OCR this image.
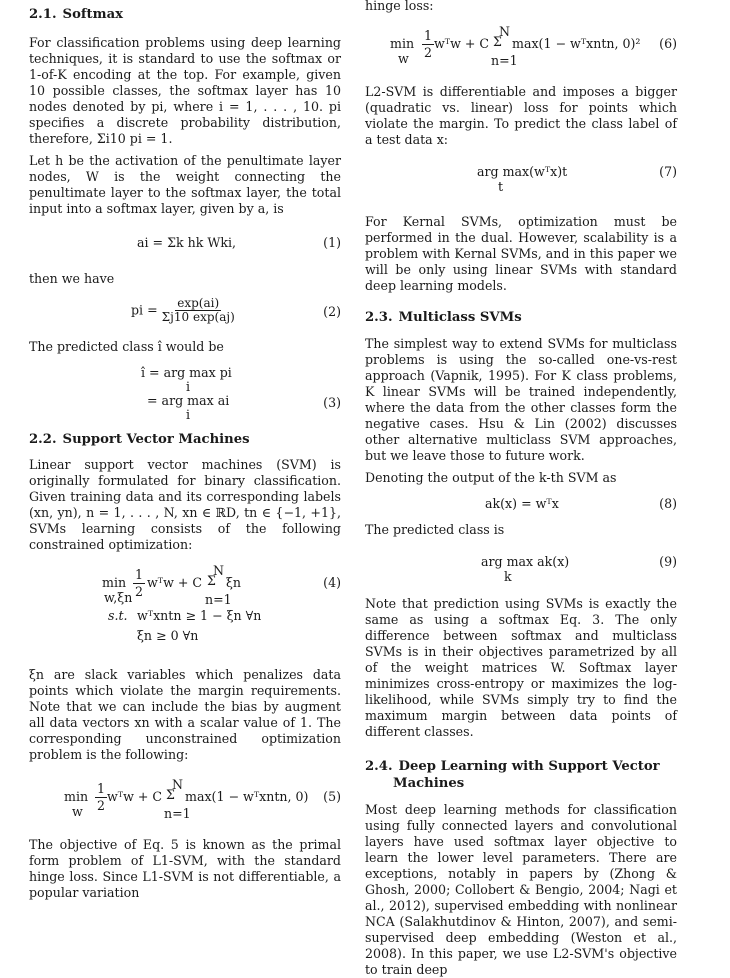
2.1. Softmax

For classification problems using deep learning techniques, it is standard to use the softmax or 1-of-K encoding at the top. For example, given 10 possible classes, the softmax layer has 10 nodes denoted by pi, where i = 1, . . . , 10. pi specifies a discrete probability distribution, therefore, Σi10 pi = 1.

Let h be the activation of the penultimate layer nodes, W is the weight connecting the penultimate layer to the softmax layer, the total input into a softmax layer, given by a, is

ai = Σk hk Wki,	(1)

then we have

pi = $\frac{\exp(ai)}{\Sigma j10 \exp(aj)}$	(2)

The predicted class î would be

î = arg max pi
i
= arg max ai
i
(3)
2.2. Support Vector Machines

Linear support vector machines (SVM) is originally formulated for binary classification. Given training data and its corresponding labels (xn, yn), n = 1, . . . , N, xn ∈ ℝD, tn ∈ {−1, +1}, SVMs learning consists of the following constrained optimization:

min
$w,\xi n \frac{1}{2}$ wᵀw + C
N
Σ
n=1
ξn	(4)
s.t. wᵀxntn ≥ 1 − ξn ∀n
ξn ≥ 0 ∀n

ξn are slack variables which penalizes data points which violate the margin requirements. Note that we can include the bias by augment all data vectors xn with a scalar value of 1. The corresponding unconstrained optimization problem is the following:

min
w $\frac{1}{2}$ wᵀw + C
N
Σ
n=1
max(1 − wᵀxntn, 0) (5)

The objective of Eq. 5 is known as the primal form problem of L1-SVM, with the standard hinge loss. Since L1-SVM is not differentiable, a popular variation

hinge loss:

min
w $\frac{1}{2}$ wᵀw + C
N
Σ
n=1
max(1 − wᵀxntn, 0)² (6)

L2-SVM is differentiable and imposes a bigger (quadratic vs. linear) loss for points which violate the margin. To predict the class label of a test data x:

arg max(wᵀx)t
t
(7)

For Kernal SVMs, optimization must be performed in the dual. However, scalability is a problem with Kernal SVMs, and in this paper we will be only using linear SVMs with standard deep learning models.

2.3. Multiclass SVMs

The simplest way to extend SVMs for multiclass problems is using the so-called one-vs-rest approach (Vapnik, 1995). For K class problems, K linear SVMs will be trained independently, where the data from the other classes form the negative cases. Hsu & Lin (2002) discusses other alternative multiclass SVM approaches, but we leave those to future work.

Denoting the output of the k-th SVM as

ak(x) = wᵀx	(8)

The predicted class is

arg max ak(x)
k
(9)

Note that prediction using SVMs is exactly the same as using a softmax Eq. 3. The only difference between softmax and multiclass SVMs is in their objectives parametrized by all of the weight matrices W. Softmax layer minimizes cross-entropy or maximizes the log-likelihood, while SVMs simply try to find the maximum margin between data points of different classes.

2.4. Deep Learning with Support Vector
Machines

Most deep learning methods for classification using fully connected layers and convolutional layers have used softmax layer objective to learn the lower level parameters. There are exceptions, notably in papers by (Zhong & Ghosh, 2000; Collobert & Bengio, 2004; Nagi et al., 2012), supervised embedding with nonlinear NCA (Salakhutdinov & Hinton, 2007), and semi-supervised deep embedding (Weston et al., 2008). In this paper, we use L2-SVM's objective to train deep
